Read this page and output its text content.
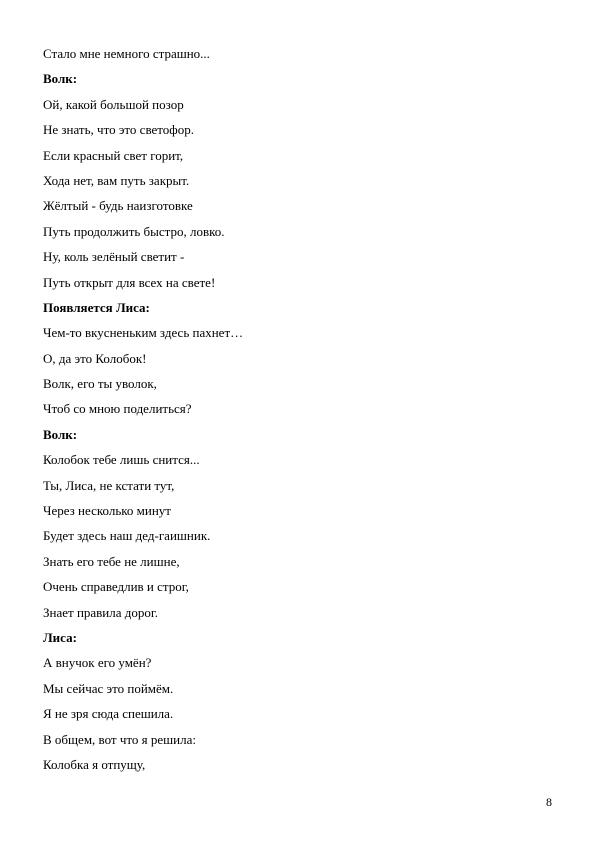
Стало мне немного страшно...
Волк:
Ой, какой большой позор
Не знать, что это светофор.
Если красный свет горит,
Хода нет, вам путь закрыт.
Жёлтый - будь наизготовке
Путь продолжить быстро, ловко.
Ну, коль зелёный светит -
Путь открыт для всех на свете!
Появляется Лиса:
Чем-то вкусненьким здесь пахнет…
О, да это Колобок!
Волк, его ты уволок,
Чтоб со мною поделиться?
Волк:
Колобок тебе лишь снится...
Ты, Лиса, не кстати тут,
Через несколько минут
Будет здесь наш дед-гаишник.
Знать его тебе не лишне,
Очень справедлив и строг,
Знает правила дорог.
Лиса:
А внучок его умён?
Мы сейчас это поймём.
Я не зря сюда спешила.
В общем, вот что я решила:
Колобка я отпущу,
8
